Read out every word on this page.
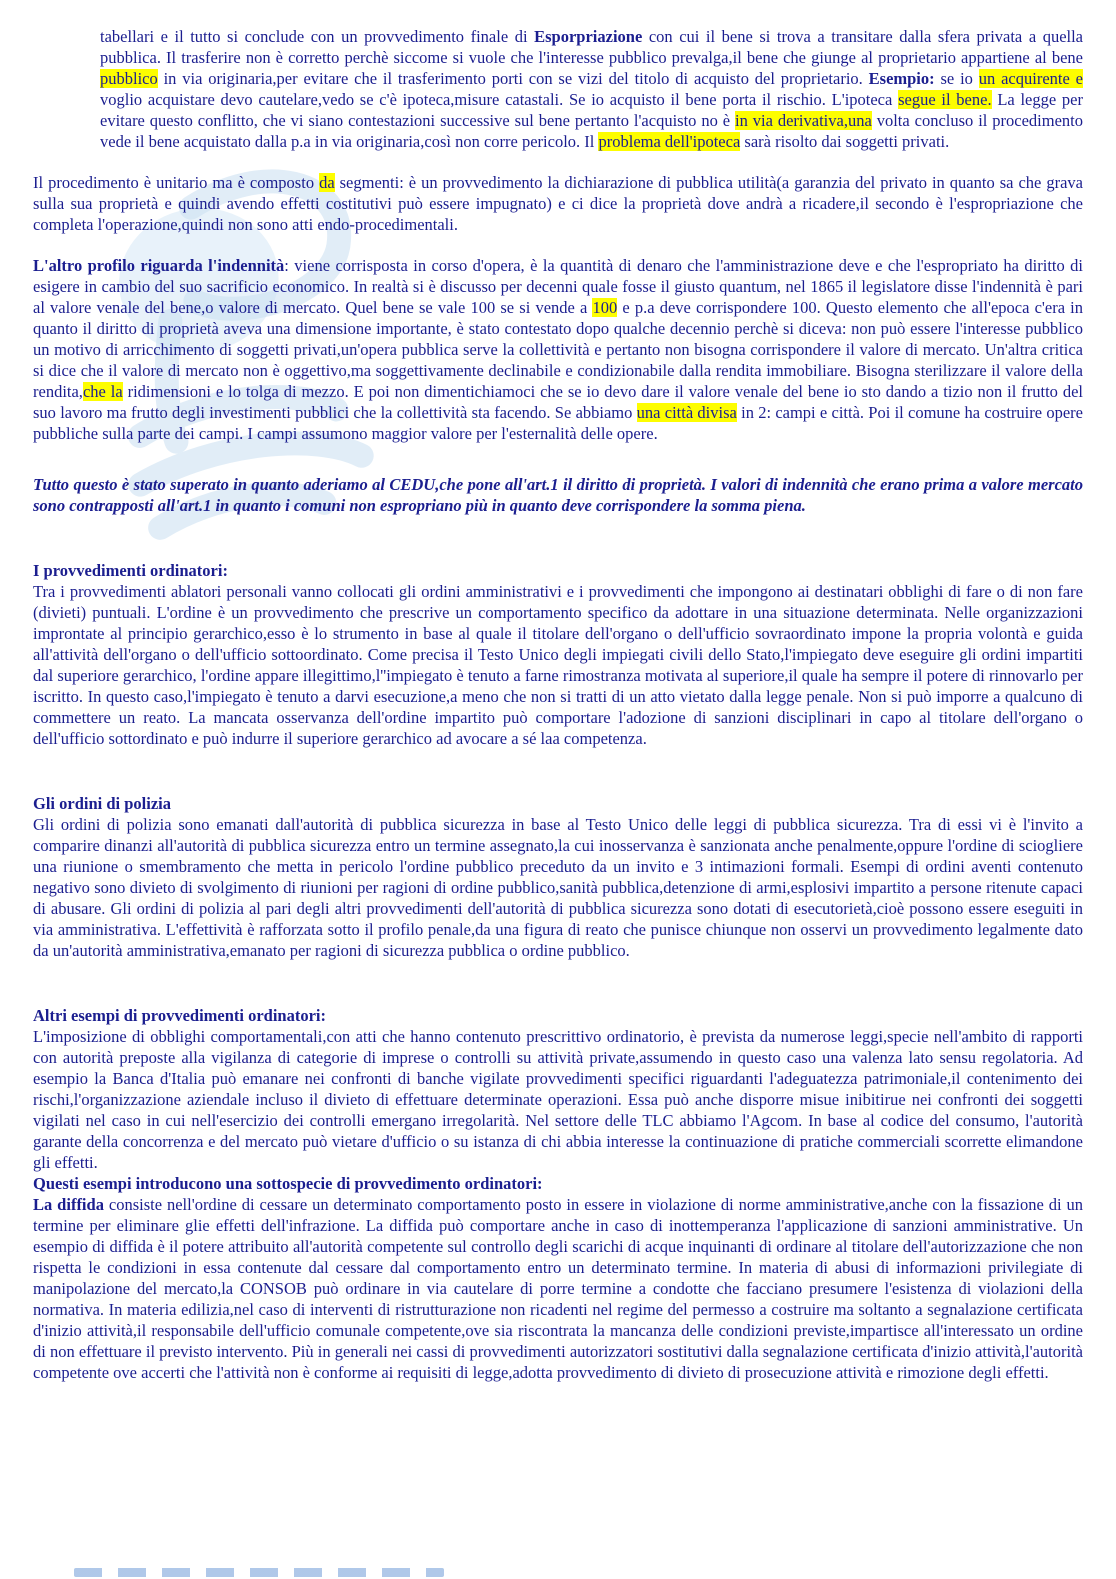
tabellari e il tutto si conclude con un provvedimento finale di Esporpriazione con cui il bene si trova a transitare dalla sfera privata a quella pubblica. Il trasferire non è corretto perchè siccome si vuole che l'interesse pubblico prevalga,il bene che giunge al proprietario appartiene al bene pubblico in via originaria,per evitare che il trasferimento porti con se vizi del titolo di acquisto del proprietario. Esempio: se io un acquirente e voglio acquistare devo cautelare,vedo se c'è ipoteca,misure catastali. Se io acquisto il bene porta il rischio. L'ipoteca segue il bene. La legge per evitare questo conflitto, che vi siano contestazioni successive sul bene pertanto l'acquisto no è in via derivativa,una volta concluso il procedimento vede il bene acquistato dalla p.a in via originaria,così non corre pericolo. Il problema dell'ipoteca sarà risolto dai soggetti privati.

Il procedimento è unitario ma è composto da segmenti: è un provvedimento la dichiarazione di pubblica utilità(a garanzia del privato in quanto sa che grava sulla sua proprietà e quindi avendo effetti costitutivi può essere impugnato) e ci dice la proprietà dove andrà a ricadere,il secondo è l'espropriazione che completa l'operazione,quindi non sono atti endo-procedimentali.

L'altro profilo riguarda l'indennità: viene corrisposta in corso d'opera, è la quantità di denaro che l'amministrazione deve e che l'espropriato ha diritto di esigere in cambio del suo sacrificio economico. In realtà si è discusso per decenni quale fosse il giusto quantum, nel 1865 il legislatore disse l'indennità è pari al valore venale del bene,o valore di mercato. Quel bene se vale 100 se si vende a 100 e p.a deve corrispondere 100. Questo elemento che all'epoca c'era in quanto il diritto di proprietà aveva una dimensione importante, è stato contestato dopo qualche decennio perchè si diceva: non può essere l'interesse pubblico un motivo di arricchimento di soggetti privati,un'opera pubblica serve la collettività e pertanto non bisogna corrispondere il valore di mercato. Un'altra critica si dice che il valore di mercato non è oggettivo,ma soggettivamente declinabile e condizionabile dalla rendita immobiliare. Bisogna sterilizzare il valore della rendita,che la ridimensioni e lo tolga di mezzo. E poi non dimentichiamoci che se io devo dare il valore venale del bene io sto dando a tizio non il frutto del suo lavoro ma frutto degli investimenti pubblici che la collettività sta facendo. Se abbiamo una città divisa in 2: campi e città. Poi il comune ha costruire opere pubbliche sulla parte dei campi. I campi assumono maggior valore per l'esternalità delle opere.

Tutto questo è stato superato in quanto aderiamo al CEDU,che pone all'art.1 il diritto di proprietà. I valori di indennità che erano prima a valore mercato sono contrapposti all'art.1 in quanto i comuni non espropriano più in quanto deve corrispondere la somma piena.

I provvedimenti ordinatori:

Tra i provvedimenti ablatori personali vanno collocati gli ordini amministrativi e i provvedimenti che impongono ai destinatari obblighi di fare o di non fare (divieti) puntuali. L'ordine è un provvedimento che prescrive un comportamento specifico da adottare in una situazione determinata. Nelle organizzazioni improntate al principio gerarchico,esso è lo strumento in base al quale il titolare dell'organo o dell'ufficio sovraordinato impone la propria volontà e guida all'attività dell'organo o dell'ufficio sottoordinato. Come precisa il Testo Unico degli impiegati civili dello Stato,l'impiegato deve eseguire gli ordini impartiti dal superiore gerarchico, l'ordine appare illegittimo,l''impiegato è tenuto a farne rimostranza motivata al superiore,il quale ha sempre il potere di rinnovarlo per iscritto. In questo caso,l'impiegato è tenuto a darvi esecuzione,a meno che non si tratti di un atto vietato dalla legge penale. Non si può imporre a qualcuno di commettere un reato. La mancata osservanza dell'ordine impartito può comportare l'adozione di sanzioni disciplinari in capo al titolare dell'organo o dell'ufficio sottordinato e può indurre il superiore gerarchico ad avocare a sé laa competenza.

Gli ordini di polizia

Gli ordini di polizia sono emanati dall'autorità di pubblica sicurezza in base al Testo Unico delle leggi di pubblica sicurezza. Tra di essi vi è l'invito a comparire dinanzi all'autorità di pubblica sicurezza entro un termine assegnato,la cui inosservanza è sanzionata anche penalmente,oppure l'ordine di sciogliere una riunione o smembramento che metta in pericolo l'ordine pubblico preceduto da un invito e 3 intimazioni formali. Esempi di ordini aventi contenuto negativo sono divieto di svolgimento di riunioni per ragioni di ordine pubblico,sanità pubblica,detenzione di armi,esplosivi impartito a persone ritenute capaci di abusare. Gli ordini di polizia al pari degli altri provvedimenti dell'autorità di pubblica sicurezza sono dotati di esecutorietà,cioè possono essere eseguiti in via amministrativa. L'effettività è rafforzata sotto il profilo penale,da una figura di reato che punisce chiunque non osservi un provvedimento legalmente dato da un'autorità amministrativa,emanato per ragioni di sicurezza pubblica o ordine pubblico.

Altri esempi di provvedimenti ordinatori:

L'imposizione di obblighi comportamentali,con atti che hanno contenuto prescrittivo ordinatorio, è prevista da numerose leggi,specie nell'ambito di rapporti con autorità preposte alla vigilanza di categorie di imprese o controlli su attività private,assumendo in questo caso una valenza lato sensu regolatoria. Ad esempio la Banca d'Italia può emanare nei confronti di banche vigilate provvedimenti specifici riguardanti l'adeguatezza patrimoniale,il contenimento dei rischi,l'organizzazione aziendale incluso il divieto di effettuare determinate operazioni. Essa può anche disporre misue inibitirue nei confronti dei soggetti vigilati nel caso in cui nell'esercizio dei controlli emergano irregolarità. Nel settore delle TLC abbiamo l'Agcom. In base al codice del consumo, l'autorità garante della concorrenza e del mercato può vietare d'ufficio o su istanza di chi abbia interesse la continuazione di pratiche commerciali scorrette elimandone gli effetti.

Questi esempi introducono una sottospecie di provvedimento ordinatori:

La diffida consiste nell'ordine di cessare un determinato comportamento posto in essere in violazione di norme amministrative,anche con la fissazione di un termine per eliminare glie effetti dell'infrazione. La diffida può comportare anche in caso di inottemperanza l'applicazione di sanzioni amministrative. Un esempio di diffida è il potere attribuito all'autorità competente sul controllo degli scarichi di acque inquinanti di ordinare al titolare dell'autorizzazione che non rispetta le condizioni in essa contenute dal cessare dal comportamento entro un determinato termine. In materia di abusi di informazioni privilegiate di manipolazione del mercato,la CONSOB può ordinare in via cautelare di porre termine a condotte che facciano presumere l'esistenza di violazioni della normativa. In materia edilizia,nel caso di interventi di ristrutturazione non ricadenti nel regime del permesso a costruire ma soltanto a segnalazione certificata d'inizio attività,il responsabile dell'ufficio comunale competente,ove sia riscontrata la mancanza delle condizioni previste,impartisce all'interessato un ordine di non effettuare il previsto intervento. Più in generali nei cassi di provvedimenti autorizzatori sostitutivi dalla segnalazione certificata d'inizio attività,l'autorità competente ove accerti che l'attività non è conforme ai requisiti di legge,adotta provvedimento di divieto di prosecuzione attività e rimozione degli effetti.
